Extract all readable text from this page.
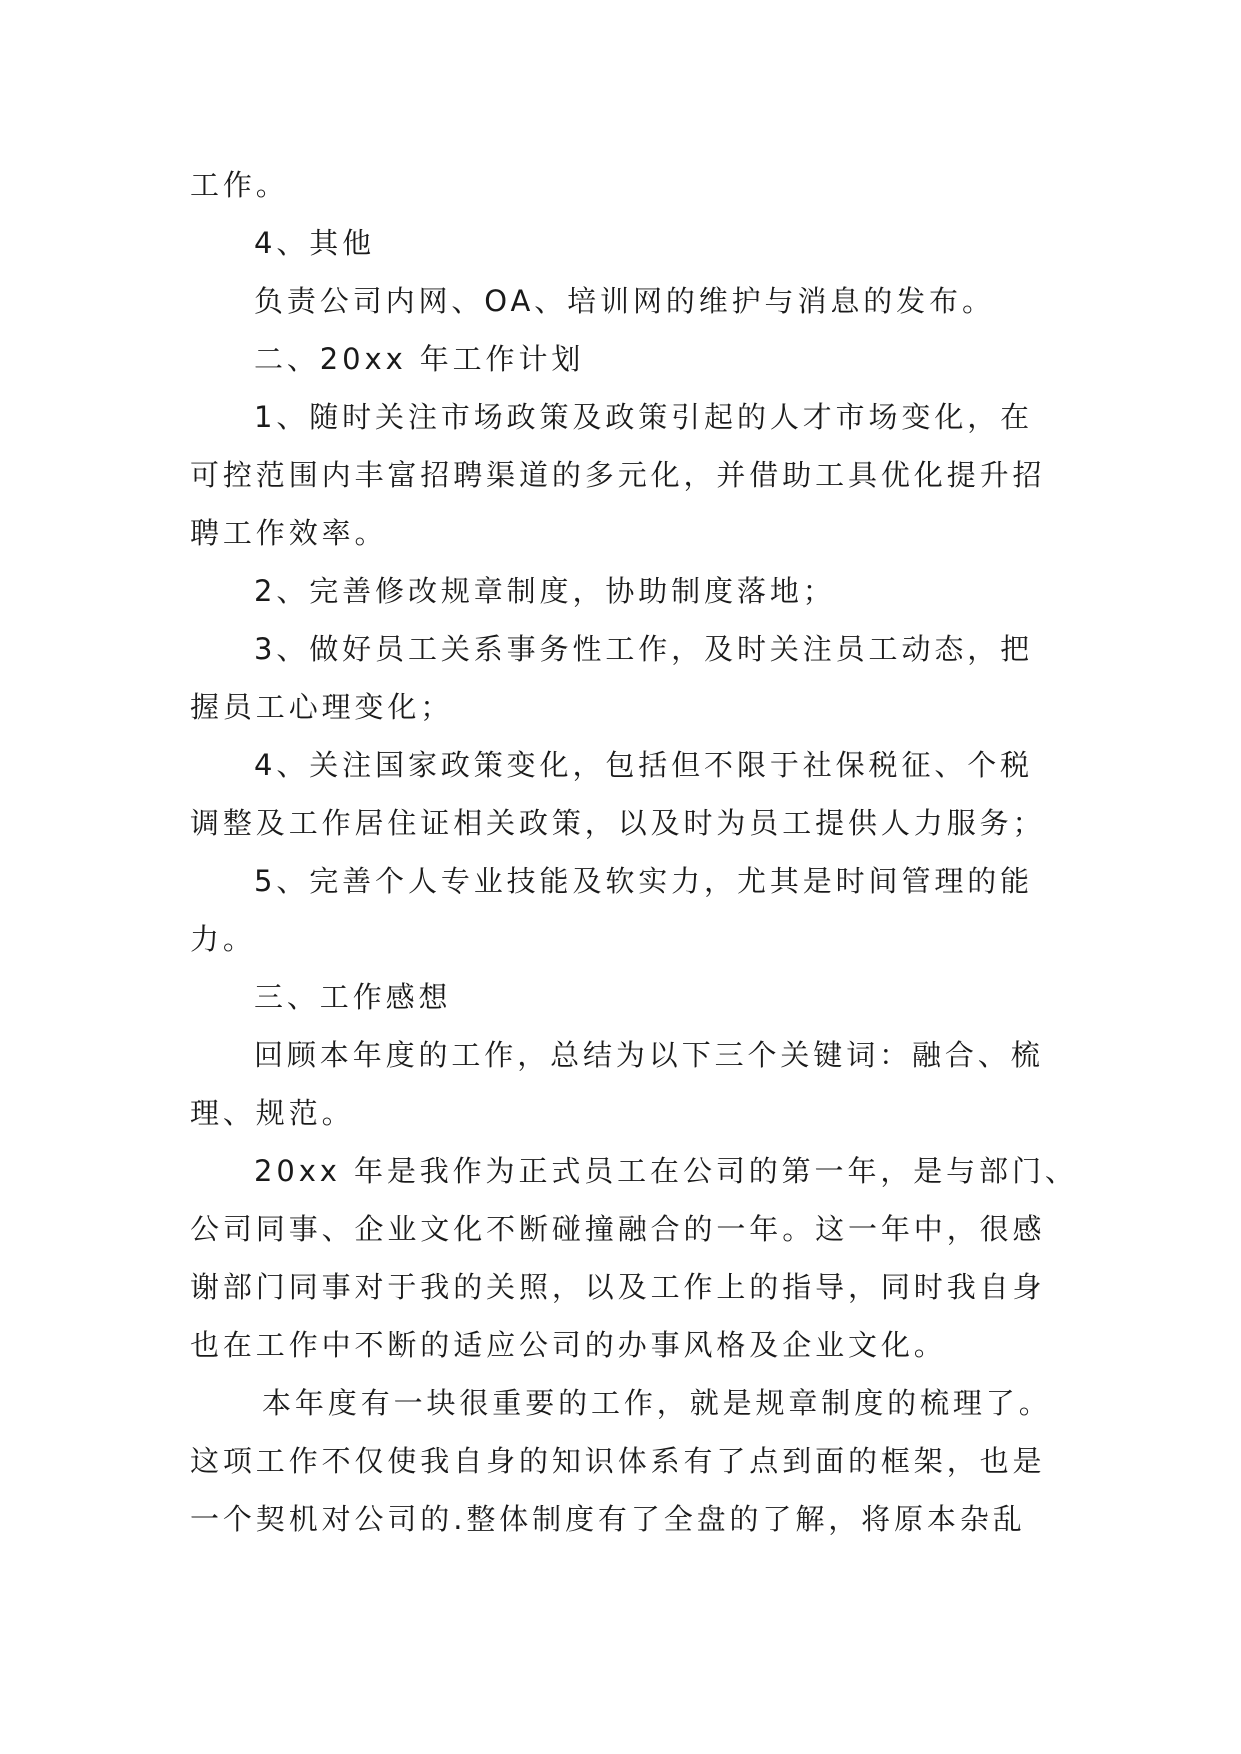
工作。
4、其他
负责公司内网、OA、培训网的维护与消息的发布。
二、20xx 年工作计划
1、随时关注市场政策及政策引起的人才市场变化，在
可控范围内丰富招聘渠道的多元化，并借助工具优化提升招
聘工作效率。
2、完善修改规章制度，协助制度落地；
3、做好员工关系事务性工作，及时关注员工动态，把
握员工心理变化；
4、关注国家政策变化，包括但不限于社保税征、个税
调整及工作居住证相关政策，以及时为员工提供人力服务；
5、完善个人专业技能及软实力，尤其是时间管理的能
力。
三、工作感想
回顾本年度的工作，总结为以下三个关键词：融合、梳
理、规范。
20xx 年是我作为正式员工在公司的第一年，是与部门、
公司同事、企业文化不断碰撞融合的一年。这一年中，很感
谢部门同事对于我的关照，以及工作上的指导，同时我自身
也在工作中不断的适应公司的办事风格及企业文化。
本年度有一块很重要的工作，就是规章制度的梳理了。
这项工作不仅使我自身的知识体系有了点到面的框架，也是
一个契机对公司的.整体制度有了全盘的了解，将原本杂乱
